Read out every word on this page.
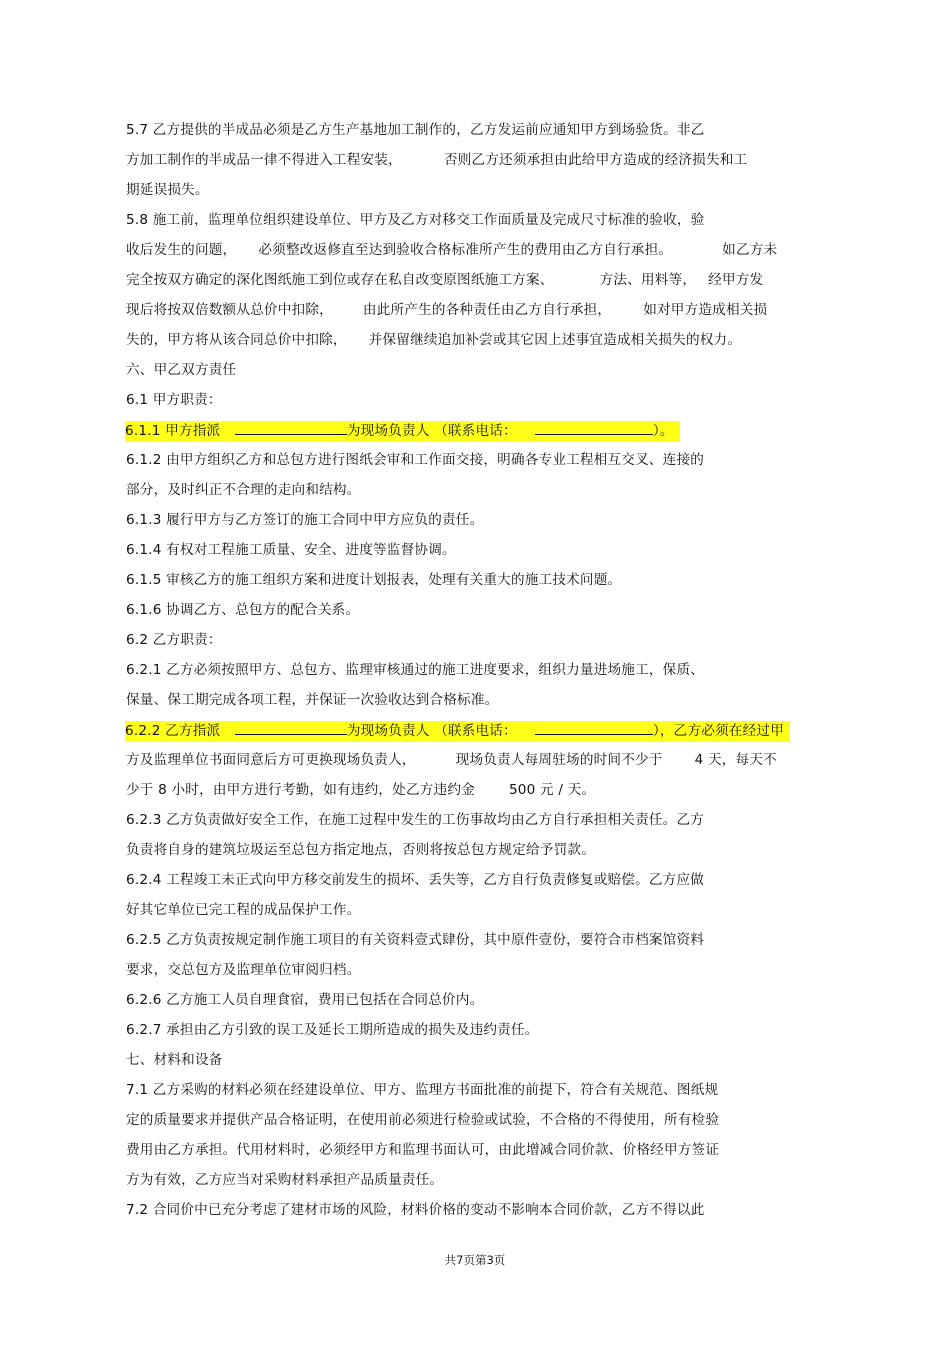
5.7 乙方提供的半成品必须是乙方生产基地加工制作的，乙方发运前应通知甲方到场验货。非乙
方加工制作的半成品一律不得进入工程安装，	否则乙方还须承担由此给甲方造成的经济损失和工
期延误损失。
5.8 施工前，监理单位组织建设单位、甲方及乙方对移交工作面质量及完成尺寸标准的验收，验
收后发生的问题， 必须整改返修直至达到验收合格标准所产生的费用由乙方自行承担。	如乙方未
完全按双方确定的深化图纸施工到位或存在私自改变原图纸施工方案、	方法、用料等， 经甲方发
现后将按双倍数额从总价中扣除， 由此所产生的各种责任由乙方自行承担， 如对甲方造成相关损
失的，甲方将从该合同总价中扣除， 并保留继续追加补尝或其它因上述事宜造成相关损失的权力。
六、甲乙双方责任
6.1 甲方职责：
6.1.1 甲方指派	为现场负责人 （联系电话：	）。
6.1.2 由甲方组织乙方和总包方进行图纸会审和工作面交接，明确各专业工程相互交叉、连接的
部分，及时纠正不合理的走向和结构。
6.1.3 履行甲方与乙方签订的施工合同中甲方应负的责任。
6.1.4 有权对工程施工质量、安全、进度等监督协调。
6.1.5 审核乙方的施工组织方案和进度计划报表，处理有关重大的施工技术问题。
6.1.6 协调乙方、总包方的配合关系。
6.2 乙方职责：
6.2.1 乙方必须按照甲方、总包方、监理审核通过的施工进度要求，组织力量进场施工，保质、
保量、保工期完成各项工程，并保证一次验收达到合格标准。
6.2.2 乙方指派	为现场负责人 （联系电话：	），乙方必须在经过甲
方及监理单位书面同意后方可更换现场负责人，	现场负责人每周驻场的时间不少于 4 天，每天不
少于 8 小时，由甲方进行考勤，如有违约，处乙方违约金	500 元 / 天。
6.2.3 乙方负责做好安全工作，在施工过程中发生的工伤事故均由乙方自行承担相关责任。乙方
负责将自身的建筑垃圾运至总包方指定地点，否则将按总包方规定给予罚款。
6.2.4 工程竣工未正式向甲方移交前发生的损坏、丢失等，乙方自行负责修复或赔偿。乙方应做
好其它单位已完工程的成品保护工作。
6.2.5 乙方负责按规定制作施工项目的有关资料壹式肆份，其中原件壹份，要符合市档案馆资料
要求，交总包方及监理单位审阅归档。
6.2.6 乙方施工人员自理食宿，费用已包括在合同总价内。
6.2.7 承担由乙方引致的误工及延长工期所造成的损失及违约责任。
七、材料和设备
7.1 乙方采购的材料必须在经建设单位、甲方、监理方书面批准的前提下，符合有关规范、图纸规
定的质量要求并提供产品合格证明，在使用前必须进行检验或试验，不合格的不得使用，所有检验
费用由乙方承担。代用材料时，必须经甲方和监理书面认可，由此增减合同价款、价格经甲方签证
方为有效，乙方应当对采购材料承担产品质量责任。
7.2 合同价中已充分考虑了建材市场的风险，材料价格的变动不影响本合同价款，乙方不得以此
共7页第3页
